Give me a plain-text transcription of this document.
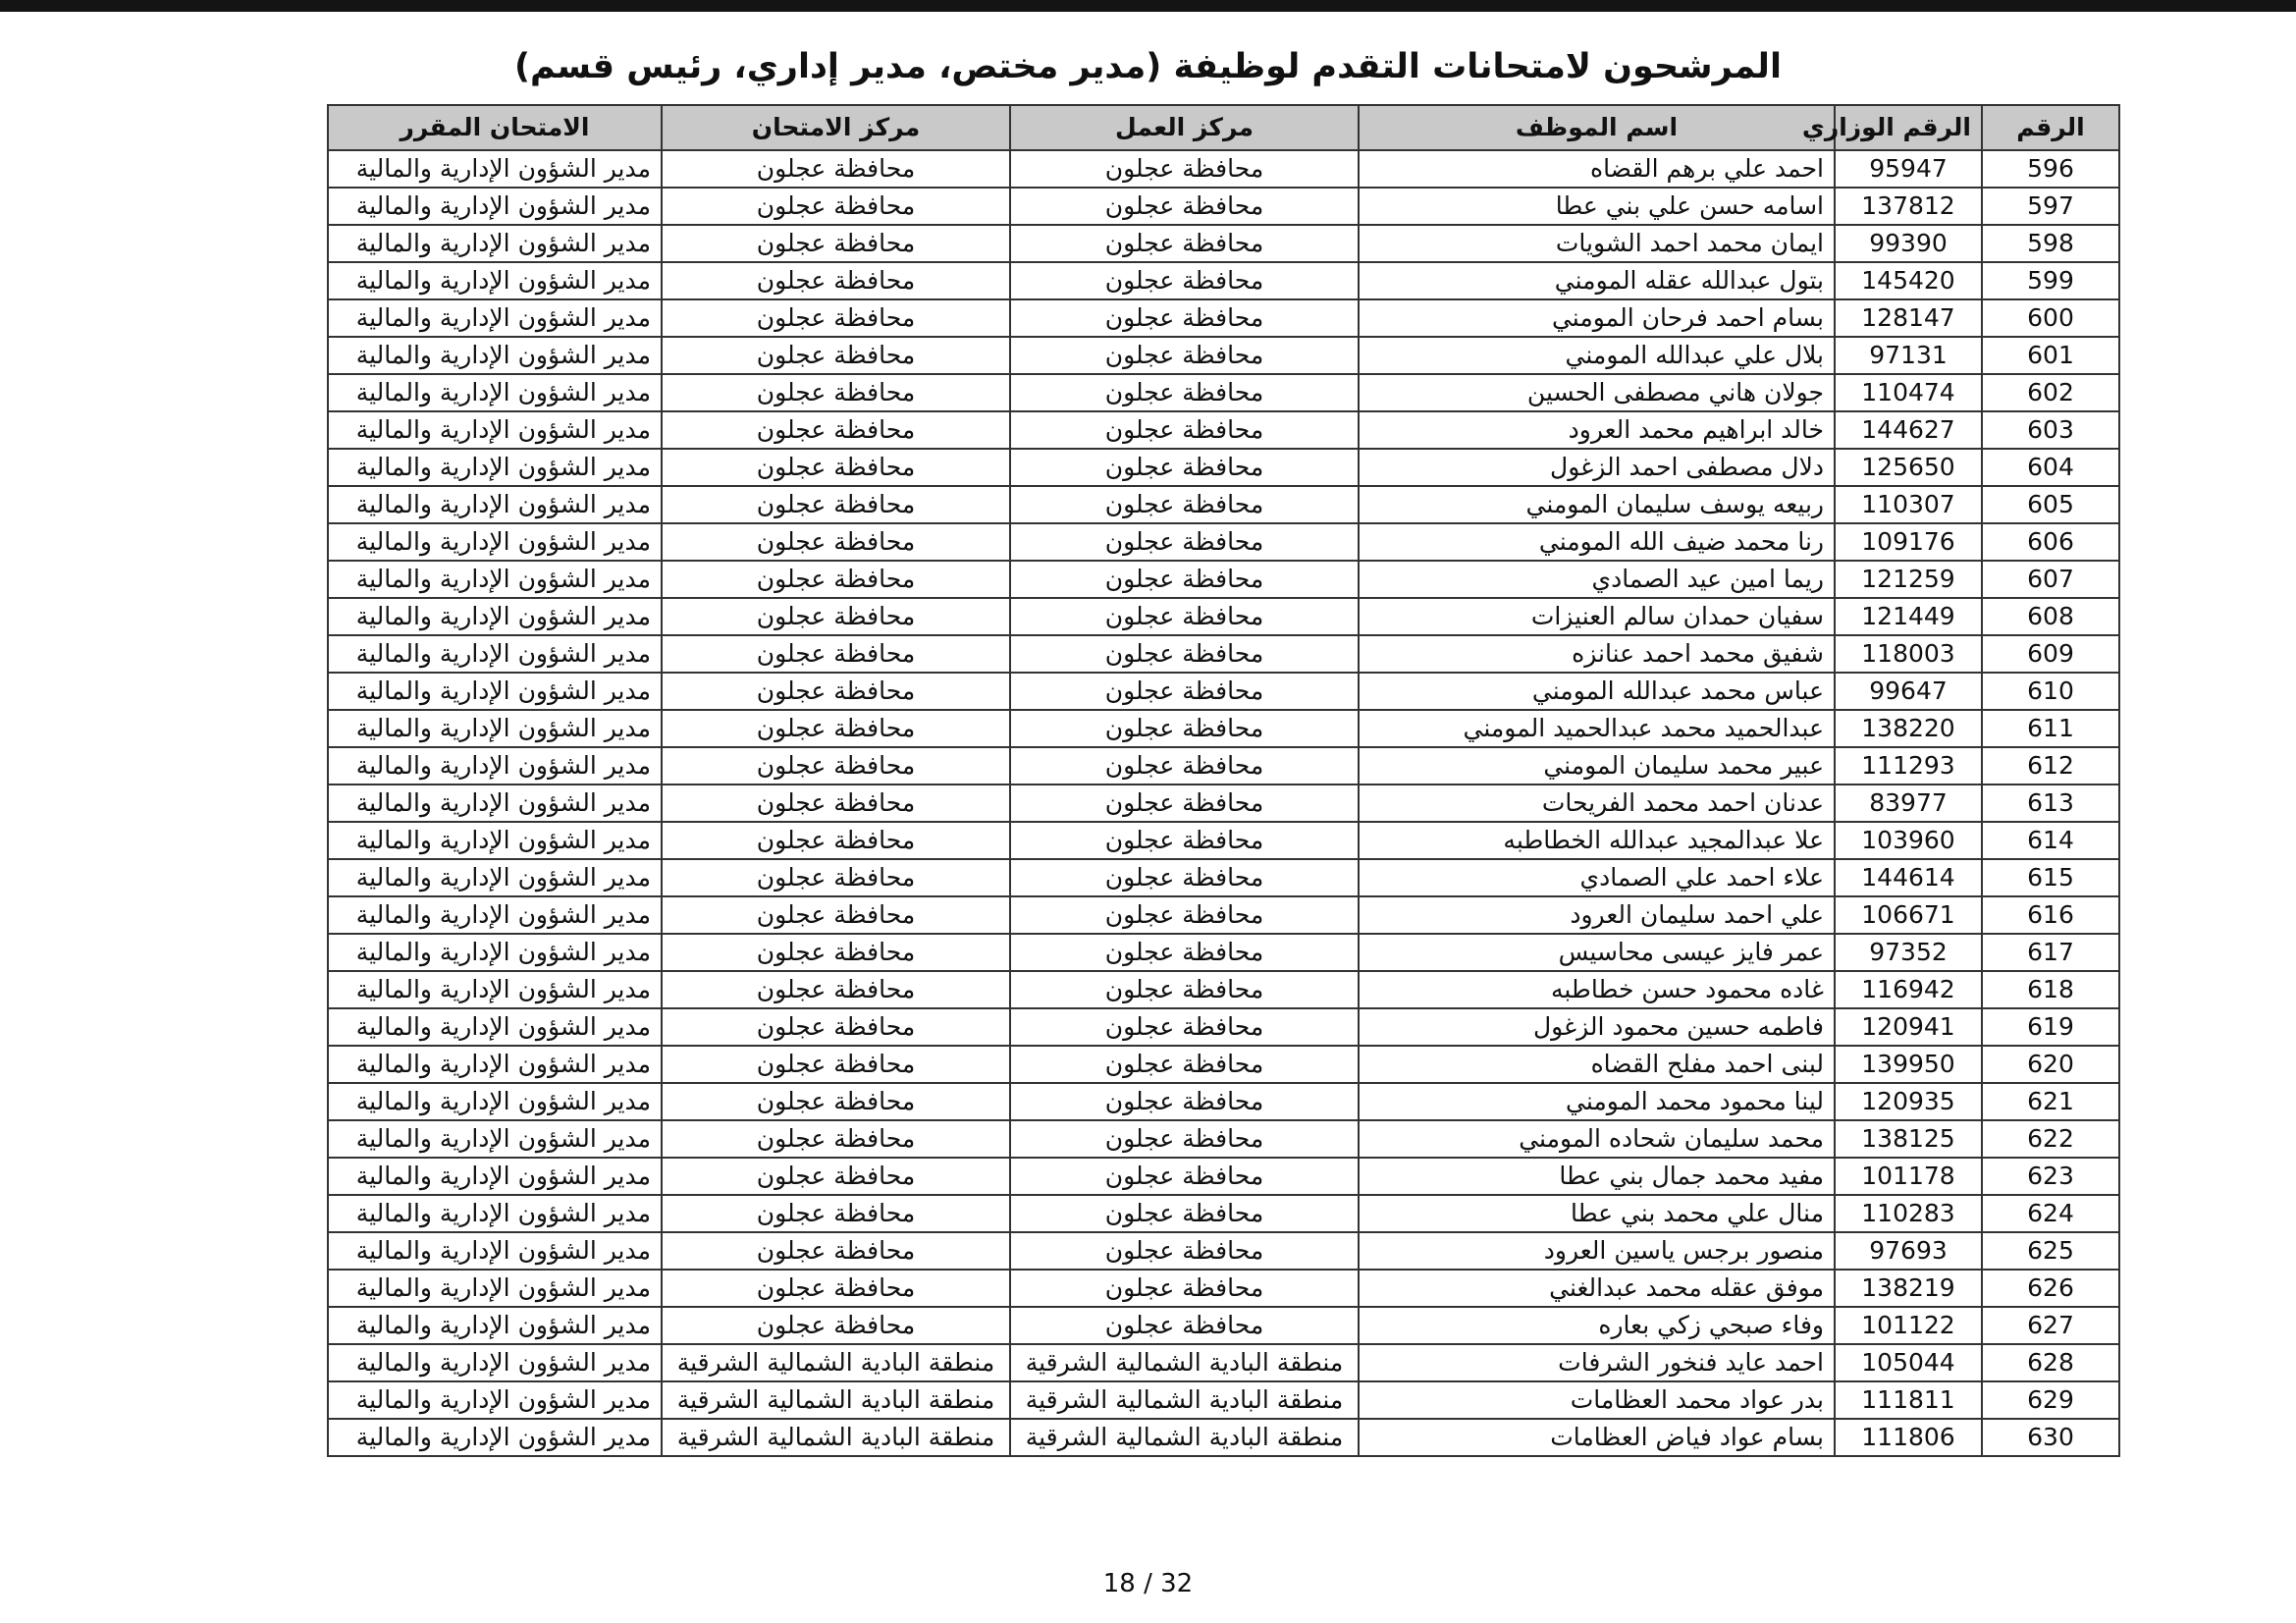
المرشحون لامتحانات التقدم لوظيفة (مدير مختص، مدير إداري، رئيس قسم)
الرقم	الرقم الوزاري	اسم الموظف	مركز العمل	مركز الامتحان	الامتحان المقرر
596	95947	احمد علي برهم القضاه	محافظة عجلون	محافظة عجلون	مدير الشؤون الإدارية والمالية
597	137812	اسامه حسن علي بني عطا	محافظة عجلون	محافظة عجلون	مدير الشؤون الإدارية والمالية
598	99390	ايمان محمد احمد الشويات	محافظة عجلون	محافظة عجلون	مدير الشؤون الإدارية والمالية
599	145420	بتول عبدالله عقله المومني	محافظة عجلون	محافظة عجلون	مدير الشؤون الإدارية والمالية
600	128147	بسام احمد فرحان المومني	محافظة عجلون	محافظة عجلون	مدير الشؤون الإدارية والمالية
601	97131	بلال علي عبدالله المومني	محافظة عجلون	محافظة عجلون	مدير الشؤون الإدارية والمالية
602	110474	جولان هاني مصطفى الحسين	محافظة عجلون	محافظة عجلون	مدير الشؤون الإدارية والمالية
603	144627	خالد ابراهيم محمد العرود	محافظة عجلون	محافظة عجلون	مدير الشؤون الإدارية والمالية
604	125650	دلال مصطفى احمد الزغول	محافظة عجلون	محافظة عجلون	مدير الشؤون الإدارية والمالية
605	110307	ربيعه يوسف سليمان المومني	محافظة عجلون	محافظة عجلون	مدير الشؤون الإدارية والمالية
606	109176	رنا محمد ضيف الله المومني	محافظة عجلون	محافظة عجلون	مدير الشؤون الإدارية والمالية
607	121259	ريما امين عيد الصمادي	محافظة عجلون	محافظة عجلون	مدير الشؤون الإدارية والمالية
608	121449	سفيان حمدان سالم العنيزات	محافظة عجلون	محافظة عجلون	مدير الشؤون الإدارية والمالية
609	118003	شفيق محمد احمد عنانزه	محافظة عجلون	محافظة عجلون	مدير الشؤون الإدارية والمالية
610	99647	عباس محمد عبدالله المومني	محافظة عجلون	محافظة عجلون	مدير الشؤون الإدارية والمالية
611	138220	عبدالحميد محمد عبدالحميد المومني	محافظة عجلون	محافظة عجلون	مدير الشؤون الإدارية والمالية
612	111293	عبير محمد سليمان المومني	محافظة عجلون	محافظة عجلون	مدير الشؤون الإدارية والمالية
613	83977	عدنان احمد محمد الفريحات	محافظة عجلون	محافظة عجلون	مدير الشؤون الإدارية والمالية
614	103960	علا عبدالمجيد عبدالله الخطاطبه	محافظة عجلون	محافظة عجلون	مدير الشؤون الإدارية والمالية
615	144614	علاء احمد علي الصمادي	محافظة عجلون	محافظة عجلون	مدير الشؤون الإدارية والمالية
616	106671	علي احمد سليمان العرود	محافظة عجلون	محافظة عجلون	مدير الشؤون الإدارية والمالية
617	97352	عمر فايز عيسى محاسيس	محافظة عجلون	محافظة عجلون	مدير الشؤون الإدارية والمالية
618	116942	غاده محمود حسن خطاطبه	محافظة عجلون	محافظة عجلون	مدير الشؤون الإدارية والمالية
619	120941	فاطمه حسين محمود الزغول	محافظة عجلون	محافظة عجلون	مدير الشؤون الإدارية والمالية
620	139950	لبنى احمد مفلح القضاه	محافظة عجلون	محافظة عجلون	مدير الشؤون الإدارية والمالية
621	120935	لينا محمود محمد المومني	محافظة عجلون	محافظة عجلون	مدير الشؤون الإدارية والمالية
622	138125	محمد سليمان شحاده المومني	محافظة عجلون	محافظة عجلون	مدير الشؤون الإدارية والمالية
623	101178	مفيد محمد جمال بني عطا	محافظة عجلون	محافظة عجلون	مدير الشؤون الإدارية والمالية
624	110283	منال علي محمد بني عطا	محافظة عجلون	محافظة عجلون	مدير الشؤون الإدارية والمالية
625	97693	منصور برجس ياسين العرود	محافظة عجلون	محافظة عجلون	مدير الشؤون الإدارية والمالية
626	138219	موفق عقله محمد عبدالغني	محافظة عجلون	محافظة عجلون	مدير الشؤون الإدارية والمالية
627	101122	وفاء صبحي زكي بعاره	محافظة عجلون	محافظة عجلون	مدير الشؤون الإدارية والمالية
628	105044	احمد عايد فنخور الشرفات	منطقة البادية الشمالية الشرقية	منطقة البادية الشمالية الشرقية	مدير الشؤون الإدارية والمالية
629	111811	بدر عواد محمد العظامات	منطقة البادية الشمالية الشرقية	منطقة البادية الشمالية الشرقية	مدير الشؤون الإدارية والمالية
630	111806	بسام عواد فياض العظامات	منطقة البادية الشمالية الشرقية	منطقة البادية الشمالية الشرقية	مدير الشؤون الإدارية والمالية
18 / 32
